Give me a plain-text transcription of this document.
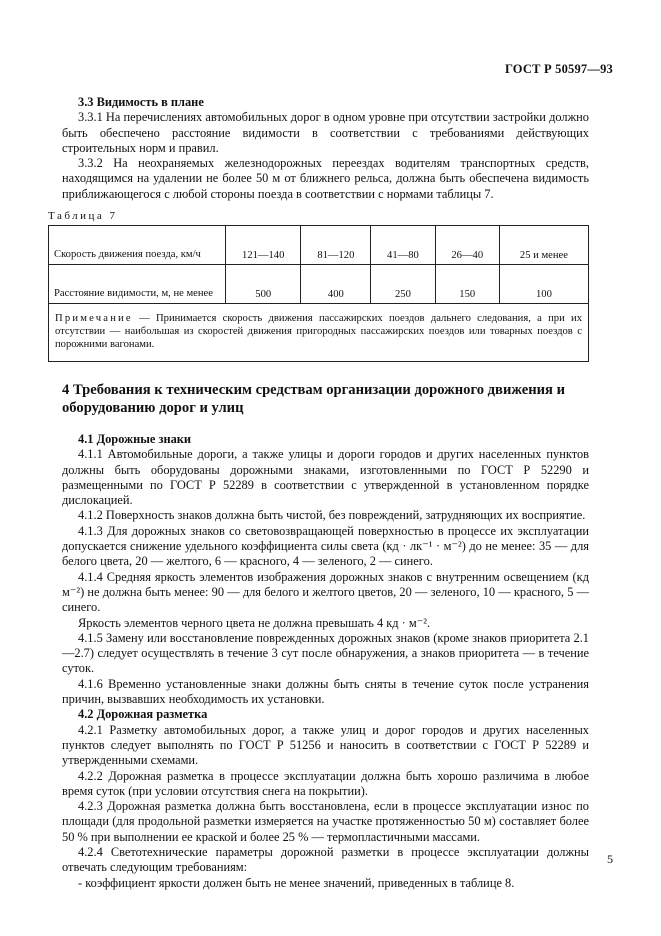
ГОСТ Р 50597—93

3.3 Видимость в плане

3.3.1 На перечислениях автомобильных дорог в одном уровне при отсутствии застройки должно быть обеспечено расстояние видимости в соответствии с требованиями действующих строительных норм и правил.

3.3.2 На неохраняемых железнодорожных переездах водителям транспортных средств, находящимся на удалении не более 50 м от ближнего рельса, должна быть обеспечена видимость приближающегося с любой стороны поезда в соответствии с нормами таблицы 7.

Таблица 7
Скорость движения поезда, км/ч	121—140	81—120	41—80	26—40	25 и менее
Расстояние видимости, м, не менее	500	400	250	150	100
Примечание — Принимается скорость движения пассажирских поездов дальнего следования, а при их отсутствии — наибольшая из скоростей движения пригородных пассажирских поездов или товарных поездов с порожними вагонами.					
4 Требования к техническим средствам организации дорожного движения и оборудованию дорог и улиц

4.1 Дорожные знаки

4.1.1 Автомобильные дороги, а также улицы и дороги городов и других населенных пунктов должны быть оборудованы дорожными знаками, изготовленными по ГОСТ Р 52290 и размещенными по ГОСТ Р 52289 в соответствии с утвержденной в установленном порядке дислокацией.

4.1.2 Поверхность знаков должна быть чистой, без повреждений, затрудняющих их восприятие.

4.1.3 Для дорожных знаков со световозвращающей поверхностью в процессе их эксплуатации допускается снижение удельного коэффициента силы света (кд · лк⁻¹ · м⁻²) до не менее: 35 — для белого цвета, 20 — желтого, 6 — красного, 4 — зеленого, 2 — синего.

4.1.4 Средняя яркость элементов изображения дорожных знаков с внутренним освещением (кд м⁻²) не должна быть менее: 90 — для белого и желтого цветов, 20 — зеленого, 10 — красного, 5 — синего.

Яркость элементов черного цвета не должна превышать 4 кд · м⁻².

4.1.5 Замену или восстановление поврежденных дорожных знаков (кроме знаков приоритета 2.1—2.7) следует осуществлять в течение 3 сут после обнаружения, а знаков приоритета — в течение суток.

4.1.6 Временно установленные знаки должны быть сняты в течение суток после устранения причин, вызвавших необходимость их установки.

4.2 Дорожная разметка

4.2.1 Разметку автомобильных дорог, а также улиц и дорог городов и других населенных пунктов следует выполнять по ГОСТ Р 51256 и наносить в соответствии с ГОСТ Р 52289 и утвержденными схемами.

4.2.2 Дорожная разметка в процессе эксплуатации должна быть хорошо различима в любое время суток (при условии отсутствия снега на покрытии).

4.2.3 Дорожная разметка должна быть восстановлена, если в процессе эксплуатации износ по площади (для продольной разметки измеряется на участке протяженностью 50 м) составляет более 50 % при выполнении ее краской и более 25 % — термопластичными массами.

4.2.4 Светотехнические параметры дорожной разметки в процессе эксплуатации должны отвечать следующим требованиям:

- коэффициент яркости должен быть не менее значений, приведенных в таблице 8.

5
